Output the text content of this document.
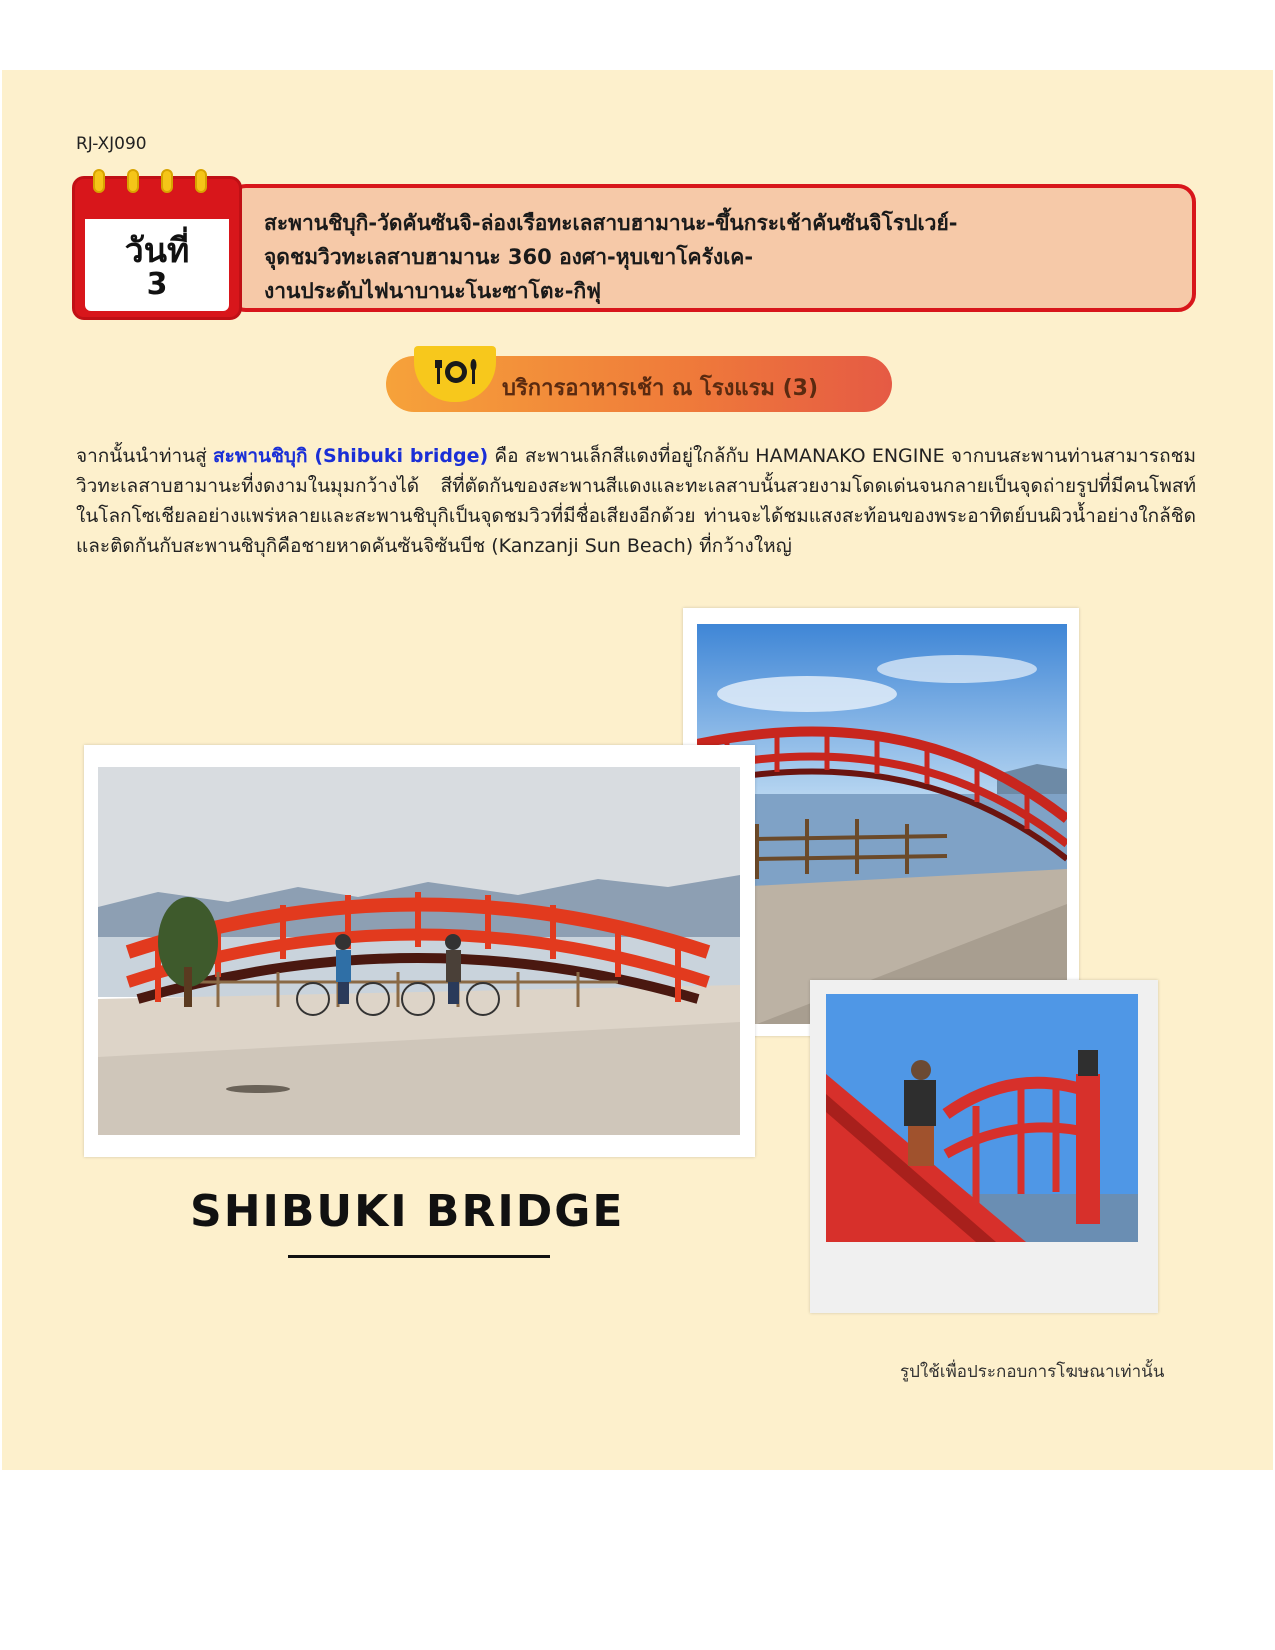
RJ-XJ090
สะพานชิบุกิ-วัดคันซันจิ-ล่องเรือทะเลสาบฮามานะ-ขึ้นกระเช้าคันซันจิโรปเวย์-
จุดชมวิวทะเลสาบฮามานะ 360 องศา-หุบเขาโครังเค-
งานประดับไฟนาบานะโนะซาโตะ-กิฟุ
วันที่
3
บริการอาหารเช้า ณ โรงแรม (3)
จากนั้นนำท่านสู่ สะพานชิบุกิ (Shibuki bridge) คือ สะพานเล็กสีแดงที่อยู่ใกล้กับ HAMANAKO ENGINE จากบนสะพานท่านสามารถชมวิวทะเลสาบฮามานะที่งดงามในมุมกว้างได้ สีที่ตัดกันของสะพานสีแดงและทะเลสาบนั้นสวยงามโดดเด่นจนกลายเป็นจุดถ่ายรูปที่มีคนโพสท์ในโลกโซเชียลอย่างแพร่หลายและสะพานชิบุกิเป็นจุดชมวิวที่มีชื่อเสียงอีกด้วย ท่านจะได้ชมแสงสะท้อนของพระอาทิตย์บนผิวน้ำอย่างใกล้ชิด และติดกันกับสะพานชิบุกิคือชายหาดคันซันจิซันบีช (Kanzanji Sun Beach) ที่กว้างใหญ่
SHIBUKI BRIDGE
รูปใช้เพื่อประกอบการโฆษณาเท่านั้น
